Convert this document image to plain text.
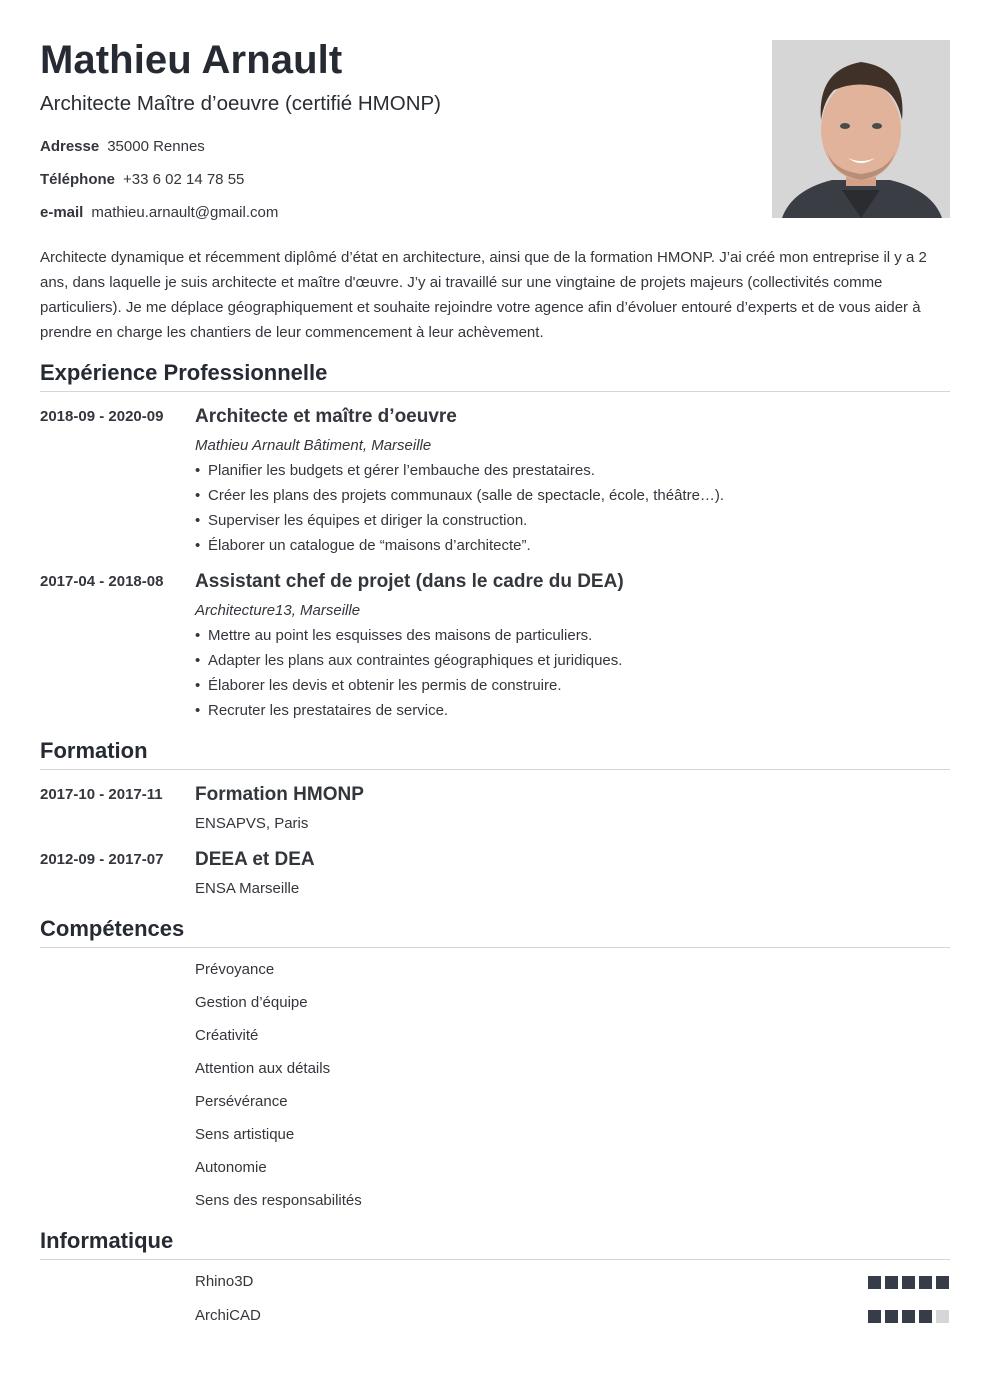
Mathieu Arnault
Architecte Maître d’oeuvre (certifié HMONP)
Adresse 35000 Rennes
Téléphone +33 6 02 14 78 55
e-mail mathieu.arnault@gmail.com

Architecte dynamique et récemment diplômé d’état en architecture, ainsi que de la formation HMONP. J’ai créé mon entreprise il y a 2 ans, dans laquelle je suis architecte et maître d'œuvre. J’y ai travaillé sur une vingtaine de projets majeurs (collectivités comme particuliers). Je me déplace géographiquement et souhaite rejoindre votre agence afin d’évoluer entouré d’experts et de vous aider à prendre en charge les chantiers de leur commencement à leur achèvement.

Expérience Professionnelle
2018-09 - 2020-09 Architecte et maître d’oeuvre
Mathieu Arnault Bâtiment, Marseille
• Planifier les budgets et gérer l’embauche des prestataires.
• Créer les plans des projets communaux (salle de spectacle, école, théâtre…).
• Superviser les équipes et diriger la construction.
• Élaborer un catalogue de “maisons d’architecte”.
2017-04 - 2018-08 Assistant chef de projet (dans le cadre du DEA)
Architecture13, Marseille
• Mettre au point les esquisses des maisons de particuliers.
• Adapter les plans aux contraintes géographiques et juridiques.
• Élaborer les devis et obtenir les permis de construire.
• Recruter les prestataires de service.
Formation
2017-10 - 2017-11 Formation HMONP
ENSAPVS, Paris
2012-09 - 2017-07 DEEA et DEA
ENSA Marseille
Compétences
Prévoyance
Gestion d’équipe
Créativité
Attention aux détails
Persévérance
Sens artistique
Autonomie
Sens des responsabilités
Informatique
Rhino3D
ArchiCAD
